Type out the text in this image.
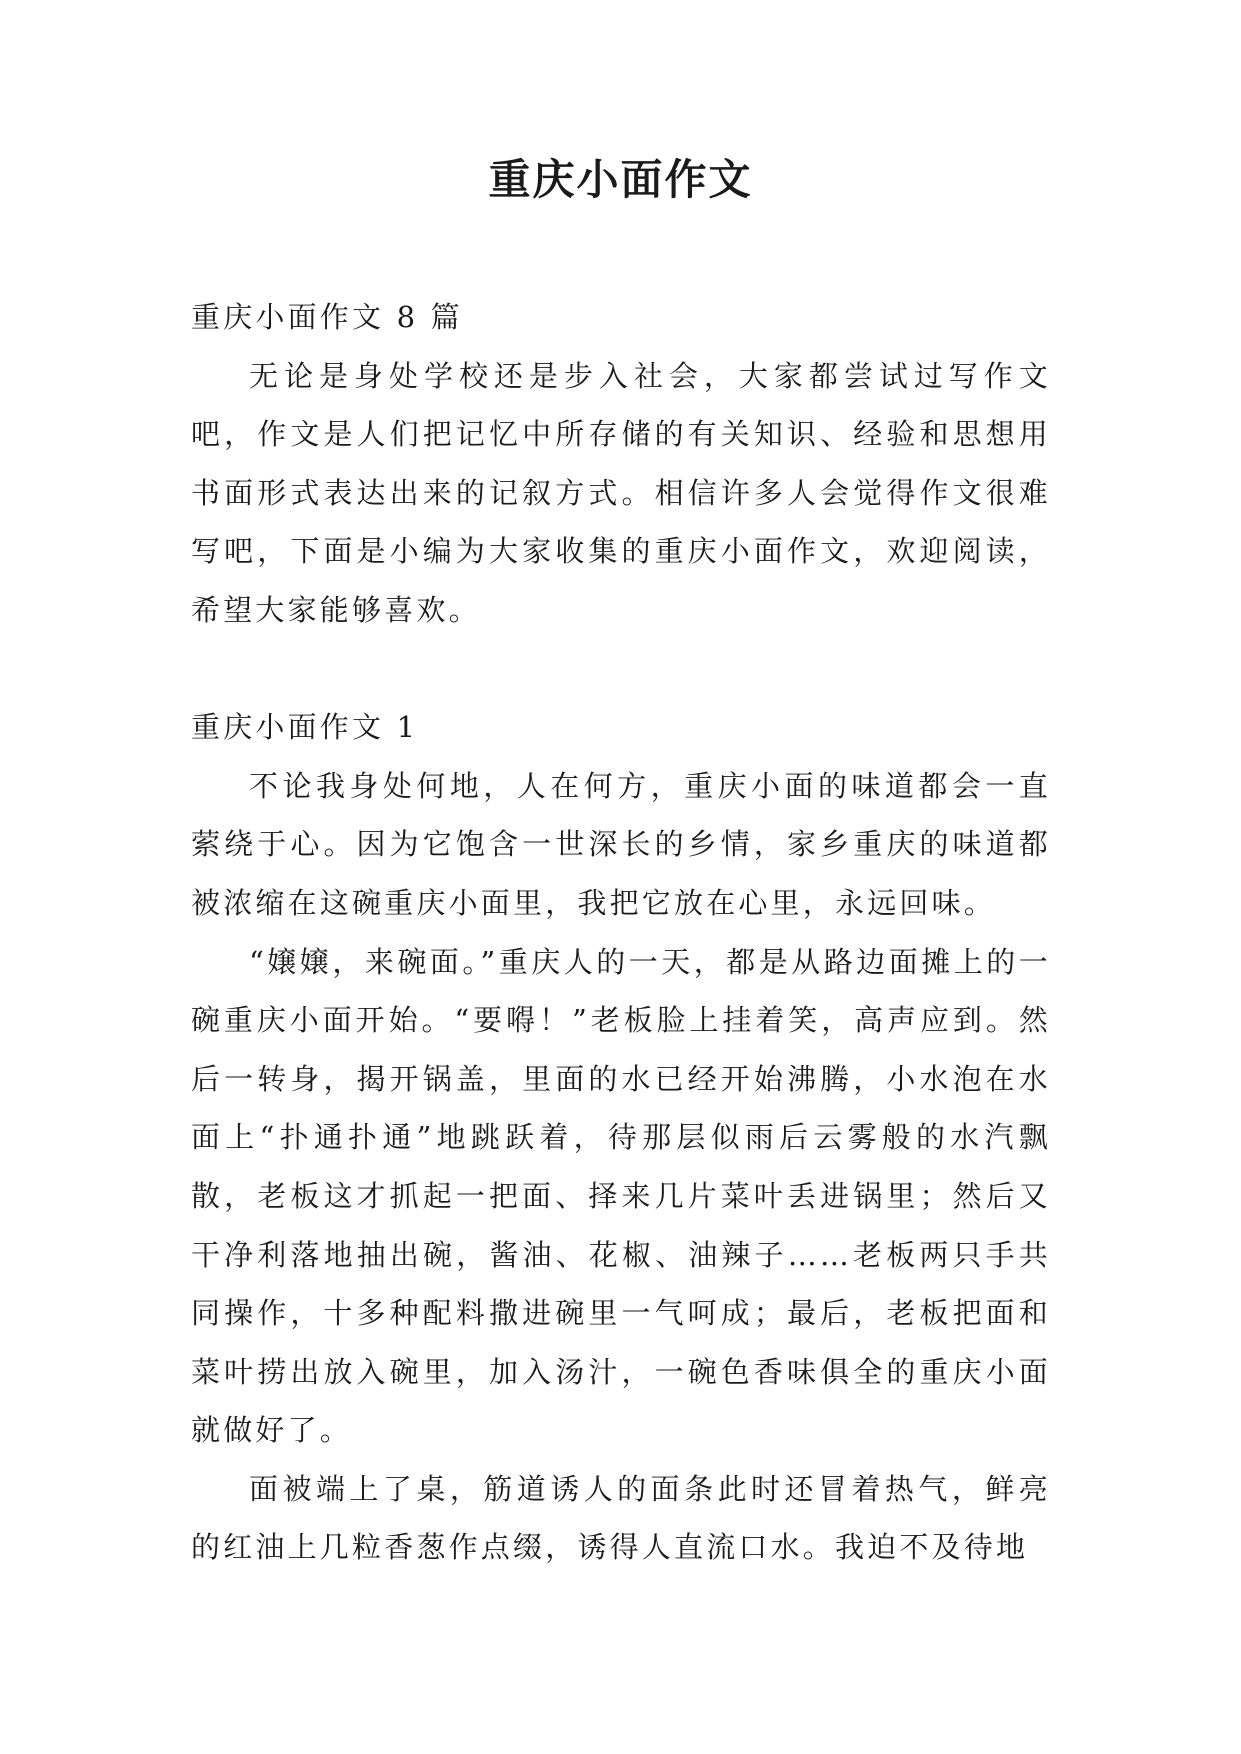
重庆小面作文
重庆小面作文 8 篇

无论是身处学校还是步入社会，大家都尝试过写作文吧，作文是人们把记忆中所存储的有关知识、经验和思想用书面形式表达出来的记叙方式。相信许多人会觉得作文很难写吧，下面是小编为大家收集的重庆小面作文，欢迎阅读，希望大家能够喜欢。

重庆小面作文 1

不论我身处何地，人在何方，重庆小面的味道都会一直萦绕于心。因为它饱含一世深长的乡情，家乡重庆的味道都被浓缩在这碗重庆小面里，我把它放在心里，永远回味。

“嬢嬢，来碗面。”重庆人的一天，都是从路边面摊上的一碗重庆小面开始。“要嘚！”老板脸上挂着笑，高声应到。然后一转身，揭开锅盖，里面的水已经开始沸腾，小水泡在水面上“扑通扑通”地跳跃着，待那层似雨后云雾般的水汽飘散，老板这才抓起一把面、择来几片菜叶丢进锅里；然后又干净利落地抽出碗，酱油、花椒、油辣子……老板两只手共同操作，十多种配料撒进碗里一气呵成；最后，老板把面和菜叶捞出放入碗里，加入汤汁，一碗色香味俱全的重庆小面就做好了。

面被端上了桌，筋道诱人的面条此时还冒着热气，鲜亮的红油上几粒香葱作点缀，诱得人直流口水。我迫不及待地
